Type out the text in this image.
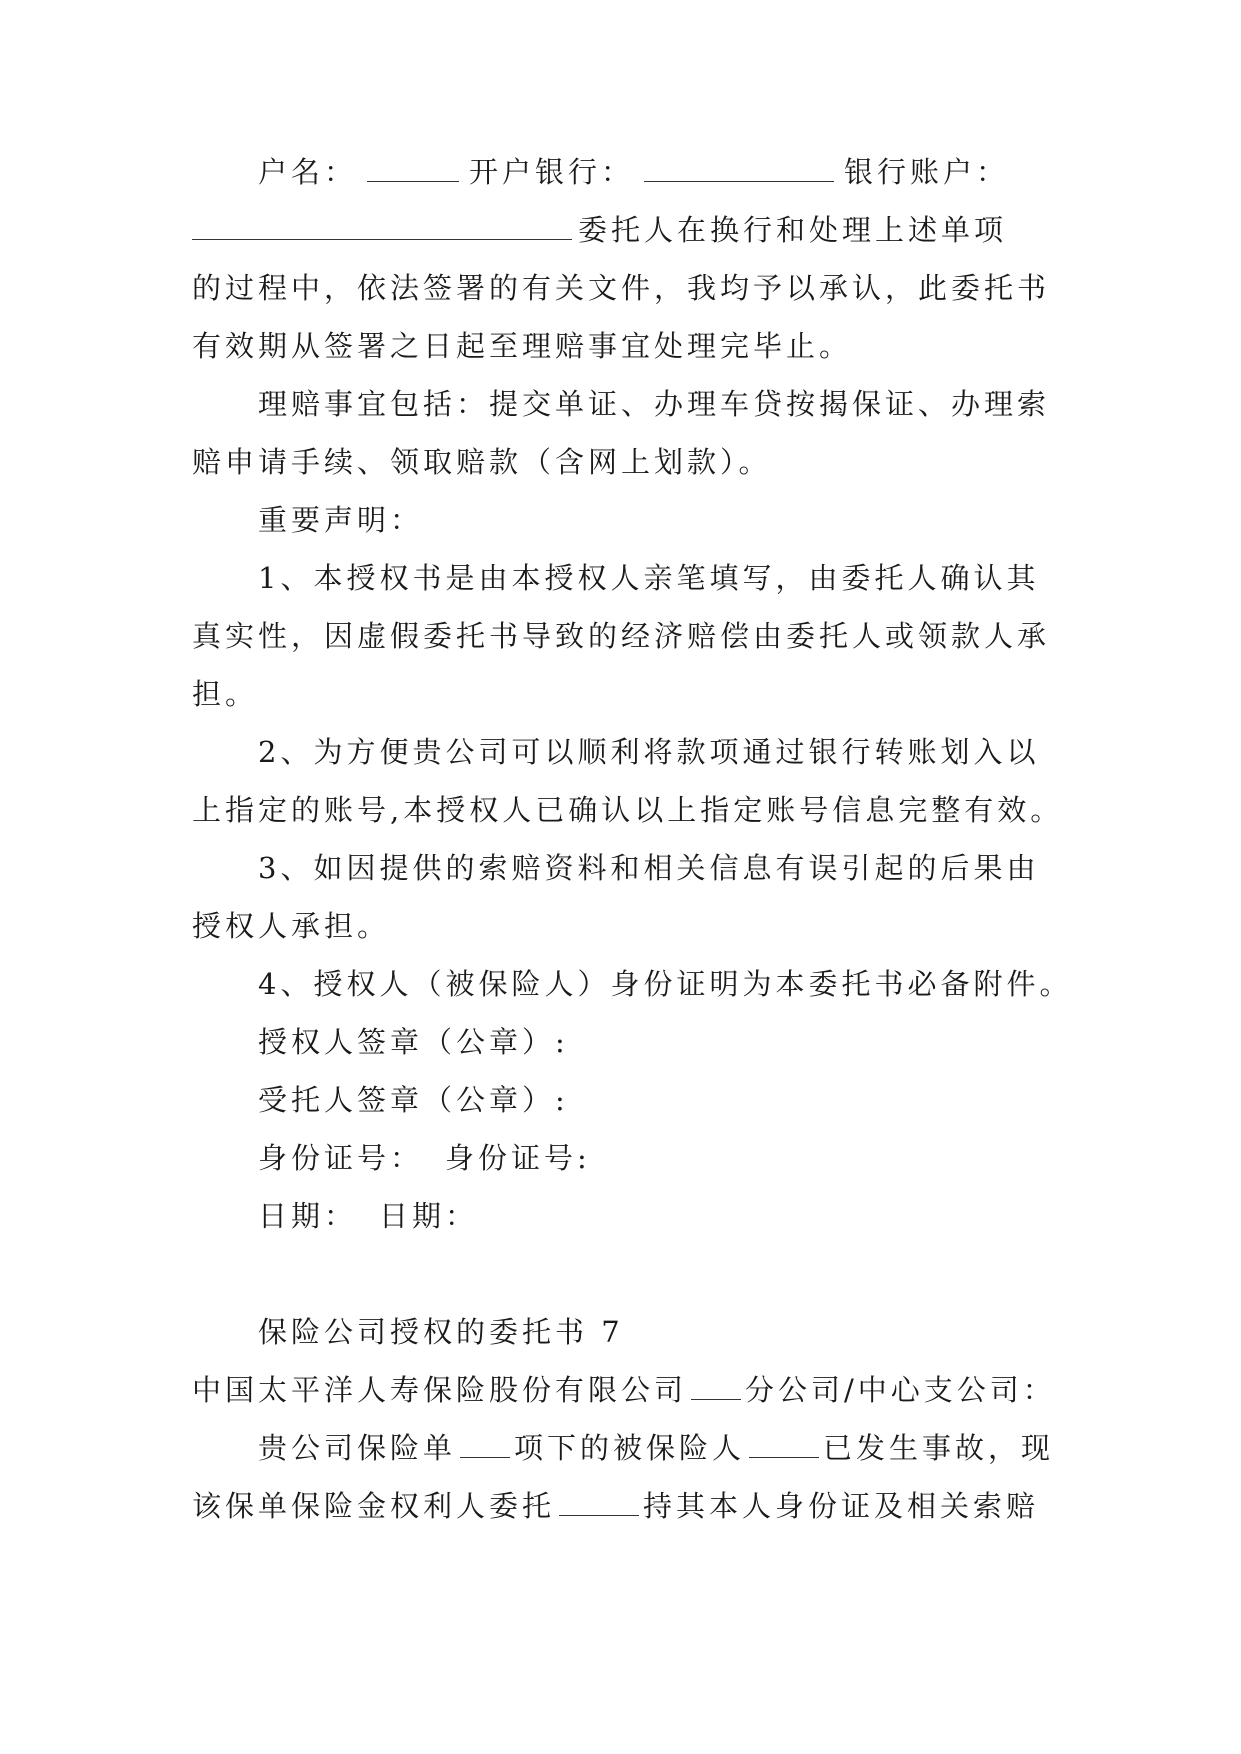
户名：	开户银行：	银行账户：
委托人在换行和处理上述单项
的过程中，依法签署的有关文件，我均予以承认，此委托书
有效期从签署之日起至理赔事宜处理完毕止。
理赔事宜包括：提交单证、办理车贷按揭保证、办理索
赔申请手续、领取赔款（含网上划款）。
重要声明：
1、本授权书是由本授权人亲笔填写，由委托人确认其
真实性，因虚假委托书导致的经济赔偿由委托人或领款人承
担。
2、为方便贵公司可以顺利将款项通过银行转账划入以
上指定的账号,本授权人已确认以上指定账号信息完整有效。
3、如因提供的索赔资料和相关信息有误引起的后果由
授权人承担。
4、授权人（被保险人）身份证明为本委托书必备附件。
授权人签章（公章）:
受托人签章（公章）:
身份证号： 身份证号:
日期： 日期：
保险公司授权的委托书 7
中国太平洋人寿保险股份有限公司 分公司/中心支公司：
贵公司保险单 项下的被保险人	已发生事故，现
该保单保险金权利人委托	持其本人身份证及相关索赔
